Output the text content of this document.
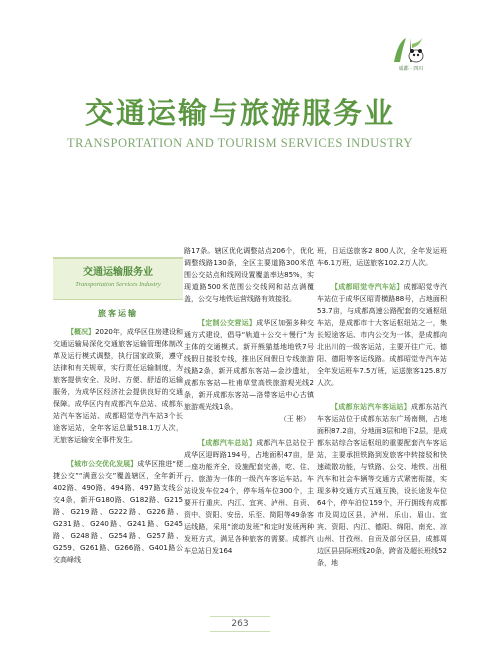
成都 · 四川
交通运输与旅游服务业
TRANSPORTATION AND TOURISM SERVICES INDUSTRY
交通运输服务业
Transportation Services Industry
旅客运输

【概况】2020年，成华区住房建设和交通运输局深化交通旅客运输管理体制改革及运行模式调整，执行国家政策，遵守法律和有关规章，实行责任运输制度，为旅客提供安全、及时、方便、舒适的运输服务，为成华区经济社会提供良好的交通保障。成华区内有成都汽车总站、成都东站汽车客运站、成都昭觉寺汽车站3个长途客运站，全年客运总量518.1万人次，无旅客运输安全事件发生。

【城市公交优化发展】成华区推进“便捷公交”“满意公交”覆盖辖区，全年新开402路、490路、494路、497路支线公交4条，新开G180路、G182路、G215路、G219路、G222路、G226路、G231路、G240路、G241路、G245路、G248路、G254路、G257路、G259、G261路、G266路、G401路公交高峰线

路17条。辖区优化调整站点206个，优化调整线路130条，全区主要道路300米范围公交站点和线网设置覆盖率达85%，实现道路500米范围公交线网和站点满覆盖，公交与地铁运营线路有效接驳。

【定制公交营运】成华区加强多种交通方式建设，倡导“轨道＋公交＋慢行”为主体的交通模式。新开熊猫基地地铁7号线假日接驳专线，推出区间假日专线旅游线路2条，新开成都东客站—金沙遗址，成都东客站—杜甫草堂高铁旅游观光线2条，新开成都东客站—洛带客运中心古镇旅游观光线1条。

（王 彬）

【成都汽车总站】成都汽车总站位于成华区迎晖路194号，占地面积47亩，是一座功能齐全，设施配套完善，吃、住、行、旅游为一体的一级汽车客运车站。车站设发车位24个，停车场车位300个，主要开行重庆、内江、宜宾、泸州、自贡、资中、资阳、安岳、乐至、简阳等49条客运线路，采用“滚动发班”和定时发班两种发班方式，满足各种旅客的需要。成都汽车总站日发164

班，日运送旅客2 800人次，全年发运班车6.1万班，运送旅客102.2万人次。

【成都昭觉寺汽车站】成都昭觉寺汽车站位于成华区昭青横路88号，占地面积53.7亩，与成都高速公路配套的交通枢纽车站，是成都市十大客运枢纽站之一，集长短途客运、市内公交为一体，是成都向北出川的一级客运站，主要开往广元、德阳、德阳等客运线路。成都昭觉寺汽车站全年发运班车7.5万班，运送旅客125.8万人次。

【成都东站汽车客运站】成都东站汽车客运站位于成都东站东广场南侧，占地面积87.2亩，分地面3层和地下2层，是成都东站综合客运枢纽的重要配套汽车客运站，主要承担铁路到发旅客中转接驳和快速疏散功能，与铁路、公交、地铁、出租汽车和社会车辆等交通方式紧密衔接，实现多种交通方式互通互换，设长途发车位64个，停车泊位159个，开行拥线有成都市及周边区县，泸州、乐山、眉山、宜宾、资阳、内江、德阳、绵阳、南充、凉山州、甘孜州、自贡及部分区县，成都周边区县县际班线20条，跨省及超长班线52条，地

263
